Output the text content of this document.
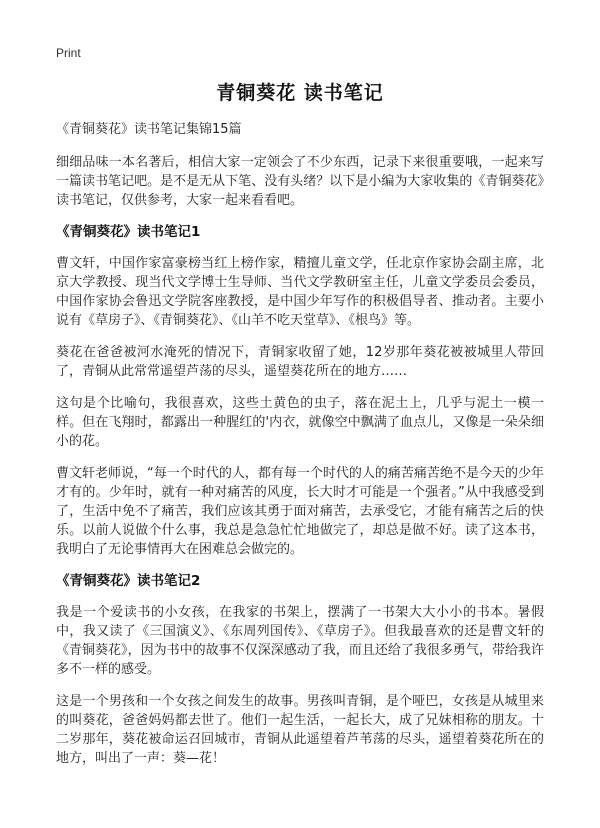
Print
青铜葵花 读书笔记
《青铜葵花》读书笔记集锦15篇

细细品味一本名著后，相信大家一定领会了不少东西，记录下来很重要哦，一起来写一篇读书笔记吧。是不是无从下笔、没有头绪？以下是小编为大家收集的《青铜葵花》读书笔记，仅供参考，大家一起来看看吧。

《青铜葵花》读书笔记1

曹文轩，中国作家富豪榜当红上榜作家，精擅儿童文学，任北京作家协会副主席，北京大学教授、现当代文学博士生导师、当代文学教研室主任，儿童文学委员会委员，中国作家协会鲁迅文学院客座教授，是中国少年写作的积极倡导者、推动者。主要小说有《草房子》、《青铜葵花》、《山羊不吃天堂草》、《根鸟》等。

葵花在爸爸被河水淹死的情况下，青铜家收留了她，12岁那年葵花被被城里人带回了，青铜从此常常遥望芦荡的尽头，遥望葵花所在的地方……

这句是个比喻句，我很喜欢，这些土黄色的虫子，落在泥土上，几乎与泥土一模一样。但在飞翔时，都露出一种腥红的'内衣，就像空中飘满了血点儿，又像是一朵朵细小的花。

曹文轩老师说，“每一个时代的人，都有每一个时代的人的痛苦痛苦绝不是今天的少年才有的。少年时，就有一种对痛苦的风度，长大时才可能是一个强者。”从中我感受到了，生活中免不了痛苦，我们应该其勇于面对痛苦，去承受它，才能有痛苦之后的快乐。以前人说做个什么事，我总是急急忙忙地做完了，却总是做不好。读了这本书，我明白了无论事情再大在困难总会做完的。

《青铜葵花》读书笔记2

我是一个爱读书的小女孩，在我家的书架上，摆满了一书架大大小小的书本。暑假中，我又读了《三国演义》、《东周列国传》、《草房子》。但我最喜欢的还是曹文轩的《青铜葵花》，因为书中的故事不仅深深感动了我，而且还给了我很多勇气，带给我许多不一样的感受。

这是一个男孩和一个女孩之间发生的故事。男孩叫青铜，是个哑巴，女孩是从城里来的叫葵花，爸爸妈妈都去世了。他们一起生活，一起长大，成了兄妹相称的朋友。十二岁那年，葵花被命运召回城市，青铜从此遥望着芦苇荡的尽头，遥望着葵花所在的地方，叫出了一声：葵—花！
